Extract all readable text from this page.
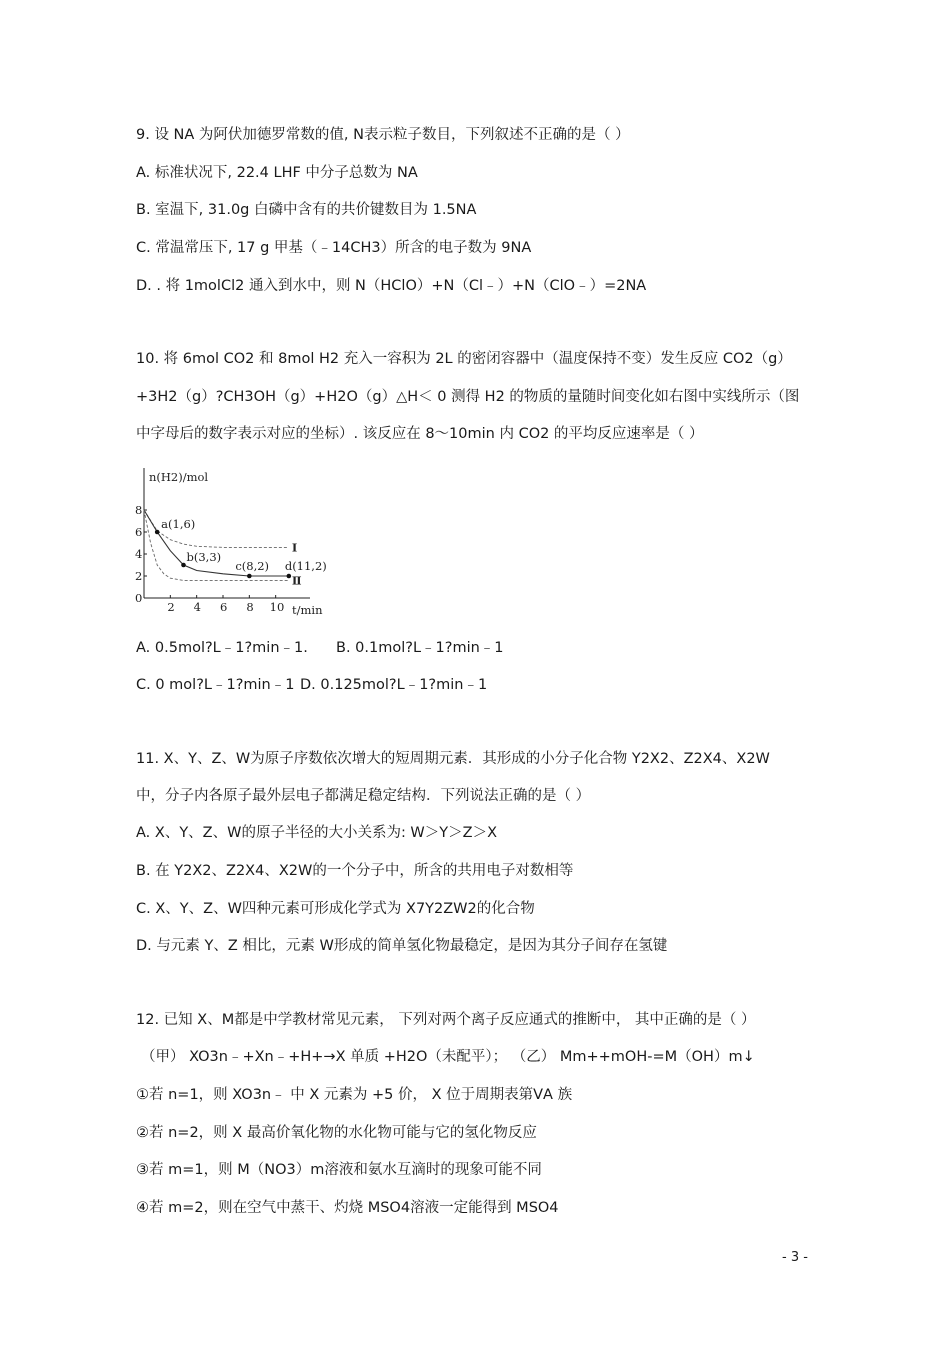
9. 设 NA 为阿伏加德罗常数的值, N表示粒子数目，下列叙述不正确的是（ ）
A. 标准状况下, 22.4 LHF 中分子总数为 NA
B. 室温下, 31.0g 白磷中含有的共价键数目为 1.5NA
C. 常温常压下, 17 g 甲基（﹣14CH3）所含的电子数为 9NA
D. . 将 1molCl2 通入到水中，则 N（HClO）+N（Cl﹣）+N（ClO﹣）=2NA
10. 将 6mol CO2 和 8mol H2 充入一容积为 2L 的密闭容器中（温度保持不变）发生反应 CO2（g）
+3H2（g）?CH3OH（g）+H2O（g）△H＜ 0 测得 H2 的物质的量随时间变化如右图中实线所示（图
中字母后的数字表示对应的坐标）. 该反应在 8～10min 内 CO2 的平均反应速率是（ ）
n(H2)/mol
t/min
0
2
4
6
8
2 4 6 8 10
Ⅰ
Ⅱ
a(1,6)
b(3,3)
c(8,2) d(11,2)
A. 0.5mol?L﹣1?min﹣1. B. 0.1mol?L﹣1?min﹣1
C. 0 mol?L﹣1?min﹣1 D. 0.125mol?L﹣1?min﹣1
11. X、Y、Z、W为原子序数依次增大的短周期元素．其形成的小分子化合物 Y2X2、Z2X4、X2W
中，分子内各原子最外层电子都满足稳定结构．下列说法正确的是（ ）
A. X、Y、Z、W的原子半径的大小关系为: W＞Y＞Z＞X
B. 在 Y2X2、Z2X4、X2W的一个分子中，所含的共用电子对数相等
C. X、Y、Z、W四种元素可形成化学式为 X7Y2ZW2的化合物
D. 与元素 Y、Z 相比，元素 W形成的简单氢化物最稳定，是因为其分子间存在氢键
12. 已知 X、M都是中学教材常见元素， 下列对两个离子反应通式的推断中， 其中正确的是（ ）
（甲） XO3n﹣+Xn﹣+H+→X 单质 +H2O（未配平）； （乙） Mm++mOH-=M（OH）m↓
①若 n=1，则 XO3n﹣ 中 X 元素为 +5 价， X 位于周期表第ⅤA 族
②若 n=2，则 X 最高价氧化物的水化物可能与它的氢化物反应
③若 m=1，则 M（NO3）m溶液和氨水互滴时的现象可能不同
④若 m=2，则在空气中蒸干、灼烧 MSO4溶液一定能得到 MSO4
- 3 -
